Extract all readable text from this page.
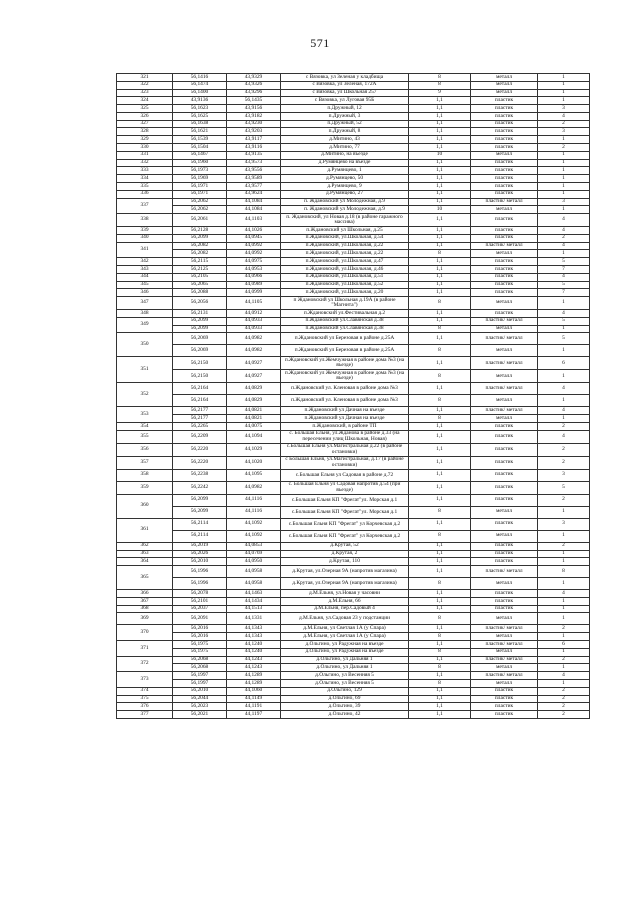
571
321	56,1416	43,9329	с Вязовка, ул Зеленая у кладбища	8	металл	1
322	56,1474	43,9326	с Вязовка, ул Зеленая, 172А	8	металл	1
323	56,1400	43,9296	с Вязовка, ул Школьная 257	9	металл	1
324	43,9136	56,1435	с Вязовка, ул Луговая 95Б	1,1	пластик	1
325	56,1623	43,9156	п.Дружный, 12	1,1	пластик	3
326	56,1625	43,9182	п.Дружный, 3	1,1	пластик	4
327	56,1638	43,9230	п.Дружный, 52	1,1	пластик	2
328	56,1621	43,9203	п.Дружный, 8	1,1	пластик	3
329	56,1539	43,9117	д.Митино, 43	1,1	пластик	1
330	56,1504	43,9116	д.Митино, 77	1,1	пластик	2
331	56,1467	43,9135	д.Митино, на въезде	10	металл	1
332	56,1960	43,9573	д.Румянцево на въезде	1,1	пластик	1
333	56,1973	43,9556	д.Румянцево, 1	1,1	пластик	1
334	56,1969	43,9589	д.Румянцево, 50	1,1	пластик	1
335	56,1971	43,9577	д.Румянцево, 9	1,1	пластик	1
336	56,1971	43,9624	д.Румянцево, 27	1,1	пластик	1
337	56,2062	44,1084	п. Ждановский ул Молодежная, д.9	1,1	пластик/ металл	3
	56,2062	44,1084	п. Ждановский ул Молодежная, д.9	10	металл	1
338	56,2061	44,1103	п. Ждановский, ул Новая д.18 (в районе гаражного массива)	1,1	пластик	4
339	56,2128	44,1026	п.Ждановский ул Школьная, д.25	1,1	пластик	4
340	56,2099	44,0945	п.Ждановский, ул.Школьная, д.54	1,1	пластик	2
341	56,2082	44,0992	п.Ждановский, ул.Школьная, д.22	1,1	пластик/ металл	4
	56,2082	44,0992	п.Ждановский, ул.Школьная, д.22	8	металл	1
342	56,2115	44,0975	п.Ждановский, ул.Школьная, д.47	1,1	пластик	5
343	56,2125	44,0953	п.Ждановский, ул.Школьная, д.46	1,1	пластик	7
344	56,2105	44,0966	п.Ждановский, ул.Школьная, д.51	1,1	пластик	4
345	56,2065	44,0989	п.Ждановский, ул.Школьная, д.52	1,1	пластик	5
346	56,2088	44,0999	п.Ждановский, ул.Школьная, д.20	1,1	пластик	7
347	56,2056	44,1105	п Ждановский ул Школьная д.19А (в районе "Магнита")	8	металл	1
348	56,2131	44,0912	п.Ждановский ул.Фестивальная д.2	1,1	пластик	4
349	56,2099	44,0933	п.Ждановский ул.Славянская д.38	1,1	пластик/ металл	5
	56,2099	44,0933	п.Ждановский ул.Славянская д.38	8	металл	1
350	56,2069	44,0982	п.Ждановский ул Березовая в районе д.25А	1,1	пластик/ металл	5
	56,2069	44,0982	п.Ждановский ул Березовая в районе д.25А	8	металл	1
351	56,2150	44,0927	п.Ждановский ул.Жемчужная в районе дома №3 (на въезде)	1,1	пластик/ металл	6
	56,2150	44,0927	п.Ждановский ул Жемчужная в районе дома №3 (на въезде)	8	металл	1
352	56,2164	44,0829	п.Ждановский ул. Кленовая в районе дома №3	1,1	пластик/ металл	4
	56,2164	44,0829	п.Ждановский ул. Кленовая в районе дома №3	8	металл	1
353	56,2177	44,0821	п.Ждановский ул Дачная на въезде	1,1	пластик/ металл	4
	56,2177	44,0821	п.Ждановский ул Дачная на въезде	8	металл	1
354	56,2265	44,0075	п.Ждановский, в районе ТП	1,1	пластик	2
355	56,2209	44,1094	с. Большая Ельня, ул.Жданова в районе д.33 (на пересечении улиц Школьная, Новая)	1,1	пластик	4
356	56,2220	44,1029	с.Большая Ельня ул.Магистральная д.22 (в районе остановки)	1,1	пластик	2
357	56,2220	44,1020	с Большая Ельня, ул.Магистральная, д.17 (в районе остановки)	1,1	пластик	2
358	56,2238	44,1095	с.Большая Ельня ул Садовая в районе д.72	1,1	пластик	3
359	56,2242	44,0982	с. Большая Ельня ул Садовая напротив д.54 (при въезде)	1,1	пластик	5
360	56,2099	44,1116	с.Большая Ельня КП "Фрегат"ул. Морская д.1	1,1	пластик	2
	56,2099	44,1116	с.Большая Ельня КП "Фрегат"ул. Морская д.1	8	металл	1
361	56,2114	44,1092	с.Большая Ельня КП "Фрегат" ул Корчевская д.2	1,1	пластик	3
	56,2114	44,1092	с.Большая Ельня КП "Фрегат" ул Корчевская д.2	8	металл	1
362	56,2019	44,0853	д.Крутая, 52	1,1	пластик	2
363	56,2026	44,0769	д.Крутая, 2	1,1	пластик	1
364	56,2010	44,0950	д.Крутая, 110	1,1	пластик	1
365	56,1996	44,0958	д.Крутая, ул.Озерная 9А (напротив магазина)	1,1	пластик/ металл	8
	56,1996	44,0958	д.Крутая, ул.Озерная 9А (напротив магазина)	8	металл	1
366	56,2078	44,1463	д.М.Ельня, ул.Новая у часовни	1,1	пластик	4
367	56,2101	44,1434	д.М.Ельня, 66	1,1	пластик	1
368	56,2037	44,1513	д.М.Ельня, пер.Садовый 4	1,1	пластик	1
369	56,2091	44,1331	д.М.Ельня, ул.Садовая 23 у подстанции	8	металл	1
370	56,2016	44,1343	д.М.Ельня, ул Светлая 1А (у Спара)	1,1	пластик/ металл	2
	56,2016	44,1343	д.М.Ельня, ул Светлая 1А (у Спара)	8	металл	1
371	56,1975	44,1240	д.Ольгино, ул Радужная на въезде	1,1	пластик/ металл	6
	56,1975	44,1240	д.Ольгино, ул Радужная на въезде	8	металл	1
372	56,2068	44,1243	д.Ольгино, ул Дальняя 1	1,1	пластик/ металл	2
	56,2068	44,1243	д.Ольгино, ул Дальняя 1	8	металл	1
373	56,1997	44,1289	д.Ольгино, ул Весенняя 5	1,1	пластик/ металл	4
	56,1997	44,1289	д.Ольгино, ул Весенняя 5	8	металл	1
374	56,2010	44,1060	д.Ольгино, 129	1,1	пластик	2
375	56,2044	44,1149	д.Ольгино, 69	1,1	пластик	2
376	56,2023	44,1191	д.Ольгино, 39	1,1	пластик	2
377	56,2021	44,1197	д.Ольгино, 42	1,1	пластик	2
